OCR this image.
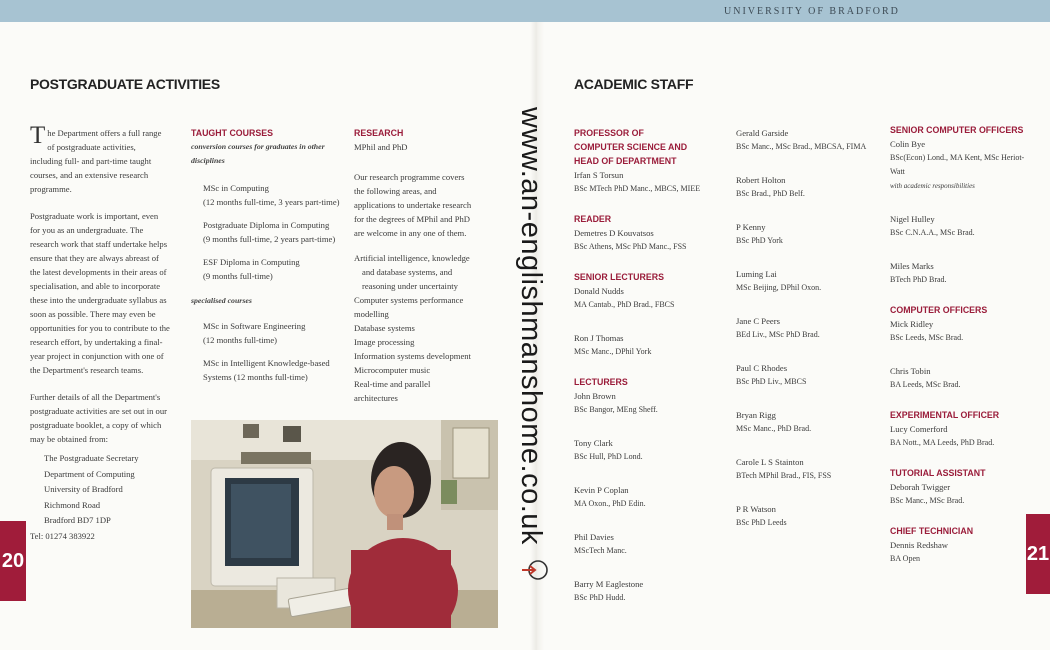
UNIVERSITY OF BRADFORD
POSTGRADUATE ACTIVITIES

The Department offers a full range of postgraduate activities, including full- and part-time taught courses, and an extensive research programme.

Postgraduate work is important, even for you as an undergraduate. The research work that staff undertake helps ensure that they are always abreast of the latest developments in their areas of specialisation, and able to incorporate these into the undergraduate syllabus as soon as possible. There may even be opportunities for you to contribute to the research effort, by undertaking a final-year project in conjunction with one of the Department's research teams.

Further details of all the Department's postgraduate activities are set out in our postgraduate booklet, a copy of which may be obtained from:

The Postgraduate Secretary
Department of Computing
University of Bradford
Richmond Road
Bradford BD7 1DP
Tel: 01274 383922
TAUGHT COURSES
conversion courses for graduates in other disciplines
MSc in Computing
(12 months full-time, 3 years part-time)
Postgraduate Diploma in Computing
(9 months full-time, 2 years part-time)
ESF Diploma in Computing
(9 months full-time)
specialised courses
MSc in Software Engineering
(12 months full-time)
MSc in Intelligent Knowledge-based
Systems (12 months full-time)
RESEARCH

MPhil and PhD

Our research programme covers the following areas, and applications to undertake research for the degrees of MPhil and PhD are welcome in any one of them.

Artificial intelligence, knowledge and database systems, and reasoning under uncertainty
Computer systems performance modelling
Database systems
Image processing
Information systems development
Microcomputer music
Real-time and parallel architectures
20
ACADEMIC STAFF
PROFESSOR OF COMPUTER SCIENCE AND HEAD OF DEPARTMENT
Irfan S Torsun
BSc MTech PhD Manc., MBCS, MIEE
READER
Demetres D Kouvatsos
BSc Athens, MSc PhD Manc., FSS
SENIOR LECTURERS
Donald Nudds
MA Cantab., PhD Brad., FBCS
Ron J Thomas
MSc Manc., DPhil York
LECTURERS
John Brown
BSc Bangor, MEng Sheff.
Tony Clark
BSc Hull, PhD Lond.
Kevin P Coplan
MA Oxon., PhD Edin.
Phil Davies
MScTech Manc.
Barry M Eaglestone
BSc PhD Hudd.
Gerald Garside
BSc Manc., MSc Brad., MBCSA, FIMA
Robert Holton
BSc Brad., PhD Belf.
P Kenny
BSc PhD York
Luming Lai
MSc Beijing, DPhil Oxon.
Jane C Peers
BEd Liv., MSc PhD Brad.
Paul C Rhodes
BSc PhD Liv., MBCS
Bryan Rigg
MSc Manc., PhD Brad.
Carole L S Stainton
BTech MPhil Brad., FIS, FSS
P R Watson
BSc PhD Leeds
SENIOR COMPUTER OFFICERS
Colin Bye
BSc(Econ) Lond., MA Kent, MSc Heriot-Watt
with academic responsibilities
Nigel Hulley
BSc C.N.A.A., MSc Brad.
Miles Marks
BTech PhD Brad.
COMPUTER OFFICERS
Mick Ridley
BSc Leeds, MSc Brad.
Chris Tobin
BA Leeds, MSc Brad.
EXPERIMENTAL OFFICER
Lucy Comerford
BA Nott., MA Leeds, PhD Brad.
TUTORIAL ASSISTANT
Deborah Twigger
BSc Manc., MSc Brad.
CHIEF TECHNICIAN
Dennis Redshaw
BA Open	21
www.an-englishmanshome.co.uk
